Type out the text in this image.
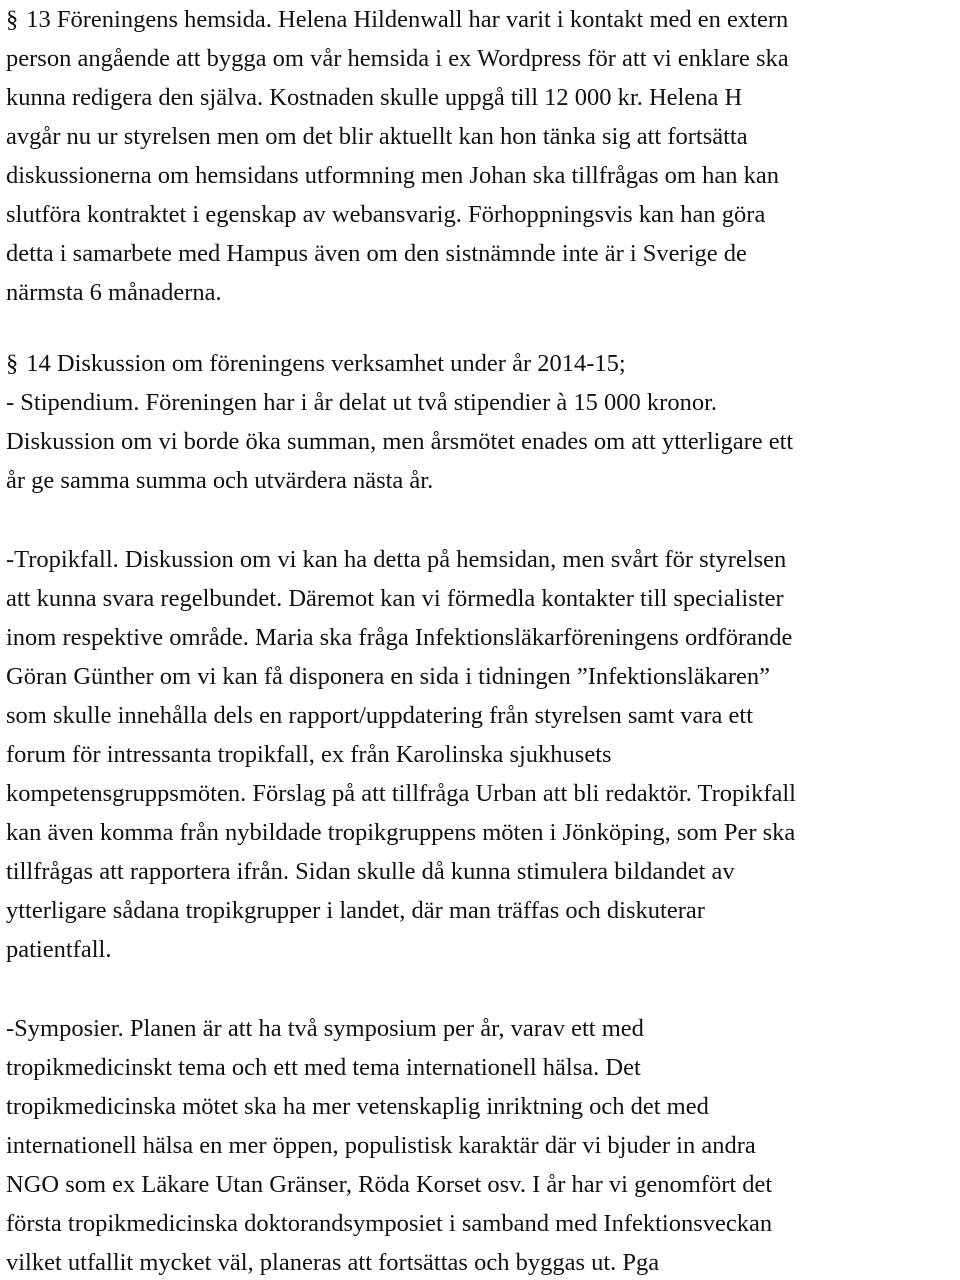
§ 13 Föreningens hemsida. Helena Hildenwall har varit i kontakt med en extern
person angående att bygga om vår hemsida i ex Wordpress för att vi enklare ska
kunna redigera den själva. Kostnaden skulle uppgå till 12 000 kr. Helena H
avgår nu ur styrelsen men om det blir aktuellt kan hon tänka sig att fortsätta
diskussionerna om hemsidans utformning men Johan ska tillfrågas om han kan
slutföra kontraktet i egenskap av webansvarig. Förhoppningsvis kan han göra
detta i samarbete med Hampus även om den sistnämnde inte är i Sverige de
närmsta 6 månaderna.
§ 14 Diskussion om föreningens verksamhet under år 2014-15;
- Stipendium. Föreningen har i år delat ut två stipendier à 15 000 kronor.
Diskussion om vi borde öka summan, men årsmötet enades om att ytterligare ett
år ge samma summa och utvärdera nästa år.
-Tropikfall. Diskussion om vi kan ha detta på hemsidan, men svårt för styrelsen
att kunna svara regelbundet. Däremot kan vi förmedla kontakter till specialister
inom respektive område. Maria ska fråga Infektionsläkarföreningens ordförande
Göran Günther om vi kan få disponera en sida i tidningen ”Infektionsläkaren”
som skulle innehålla dels en rapport/uppdatering från styrelsen samt vara ett
forum för intressanta tropikfall, ex från Karolinska sjukhusets
kompetensgruppsmöten. Förslag på att tillfråga Urban att bli redaktör. Tropikfall
kan även komma från nybildade tropikgruppens möten i Jönköping, som Per ska
tillfrågas att rapportera ifrån. Sidan skulle då kunna stimulera bildandet av
ytterligare sådana tropikgrupper i landet, där man träffas och diskuterar
patientfall.
-Symposier. Planen är att ha två symposium per år, varav ett med
tropikmedicinskt tema och ett med tema internationell hälsa. Det
tropikmedicinska mötet ska ha mer vetenskaplig inriktning och det med
internationell hälsa en mer öppen, populistisk karaktär där vi bjuder in andra
NGO som ex Läkare Utan Gränser, Röda Korset osv. I år har vi genomfört det
första tropikmedicinska doktorandsymposiet i samband med Infektionsveckan
vilket utfallit mycket väl, planeras att fortsättas och byggas ut. Pga
